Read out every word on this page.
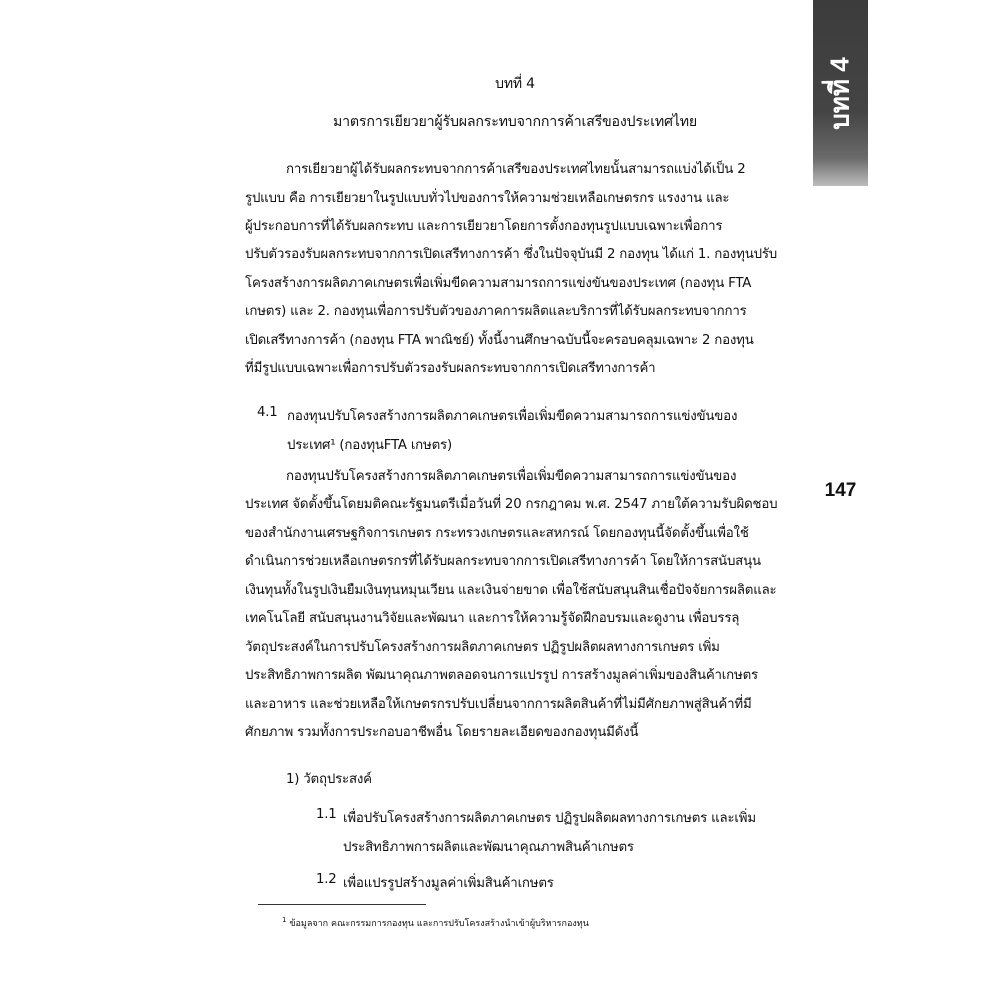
บทที่ 4
147
บทที่ 4
มาตรการเยียวยาผู้รับผลกระทบจากการค้าเสรีของประเทศไทย
การเยียวยาผู้ได้รับผลกระทบจากการค้าเสรีของประเทศไทยนั้นสามารถแบ่งได้เป็น 2
รูปแบบ คือ การเยียวยาในรูปแบบทั่วไปของการให้ความช่วยเหลือเกษตรกร แรงงาน และ
ผู้ประกอบการที่ได้รับผลกระทบ และการเยียวยาโดยการตั้งกองทุนรูปแบบเฉพาะเพื่อการ
ปรับตัวรองรับผลกระทบจากการเปิดเสรีทางการค้า ซึ่งในปัจจุบันมี 2 กองทุน ได้แก่ 1. กองทุนปรับ
โครงสร้างการผลิตภาคเกษตรเพื่อเพิ่มขีดความสามารถการแข่งขันของประเทศ (กองทุน FTA
เกษตร) และ 2. กองทุนเพื่อการปรับตัวของภาคการผลิตและบริการที่ได้รับผลกระทบจากการ
เปิดเสรีทางการค้า (กองทุน FTA พาณิชย์) ทั้งนี้งานศึกษาฉบับนี้จะครอบคลุมเฉพาะ 2 กองทุน
ที่มีรูปแบบเฉพาะเพื่อการปรับตัวรองรับผลกระทบจากการเปิดเสรีทางการค้า
4.1 กองทุนปรับโครงสร้างการผลิตภาคเกษตรเพื่อเพิ่มขีดความสามารถการแข่งขันของ
ประเทศ¹ (กองทุนFTA เกษตร)
กองทุนปรับโครงสร้างการผลิตภาคเกษตรเพื่อเพิ่มขีดความสามารถการแข่งขันของ
ประเทศ จัดตั้งขึ้นโดยมติคณะรัฐมนตรีเมื่อวันที่ 20 กรกฎาคม พ.ศ. 2547 ภายใต้ความรับผิดชอบ
ของสำนักงานเศรษฐกิจการเกษตร กระทรวงเกษตรและสหกรณ์ โดยกองทุนนี้จัดตั้งขึ้นเพื่อใช้
ดำเนินการช่วยเหลือเกษตรกรที่ได้รับผลกระทบจากการเปิดเสรีทางการค้า โดยให้การสนับสนุน
เงินทุนทั้งในรูปเงินยืมเงินทุนหมุนเวียน และเงินจ่ายขาด เพื่อใช้สนับสนุนสินเชื่อปัจจัยการผลิตและ
เทคโนโลยี สนับสนุนงานวิจัยและพัฒนา และการให้ความรู้จัดฝึกอบรมและดูงาน เพื่อบรรลุ
วัตถุประสงค์ในการปรับโครงสร้างการผลิตภาคเกษตร ปฏิรูปผลิตผลทางการเกษตร เพิ่ม
ประสิทธิภาพการผลิต พัฒนาคุณภาพตลอดจนการแปรรูป การสร้างมูลค่าเพิ่มของสินค้าเกษตร
และอาหาร และช่วยเหลือให้เกษตรกรปรับเปลี่ยนจากการผลิตสินค้าที่ไม่มีศักยภาพสู่สินค้าที่มี
ศักยภาพ รวมทั้งการประกอบอาชีพอื่น โดยรายละเอียดของกองทุนมีดังนี้
1) วัตถุประสงค์
1.1 เพื่อปรับโครงสร้างการผลิตภาคเกษตร ปฏิรูปผลิตผลทางการเกษตร และเพิ่ม
ประสิทธิภาพการผลิตและพัฒนาคุณภาพสินค้าเกษตร
1.2 เพื่อแปรรูปสร้างมูลค่าเพิ่มสินค้าเกษตร
$^1$ ข้อมูลจาก คณะกรรมการกองทุน และการปรับโครงสร้างนำเข้าผู้บริหารกองทุน
